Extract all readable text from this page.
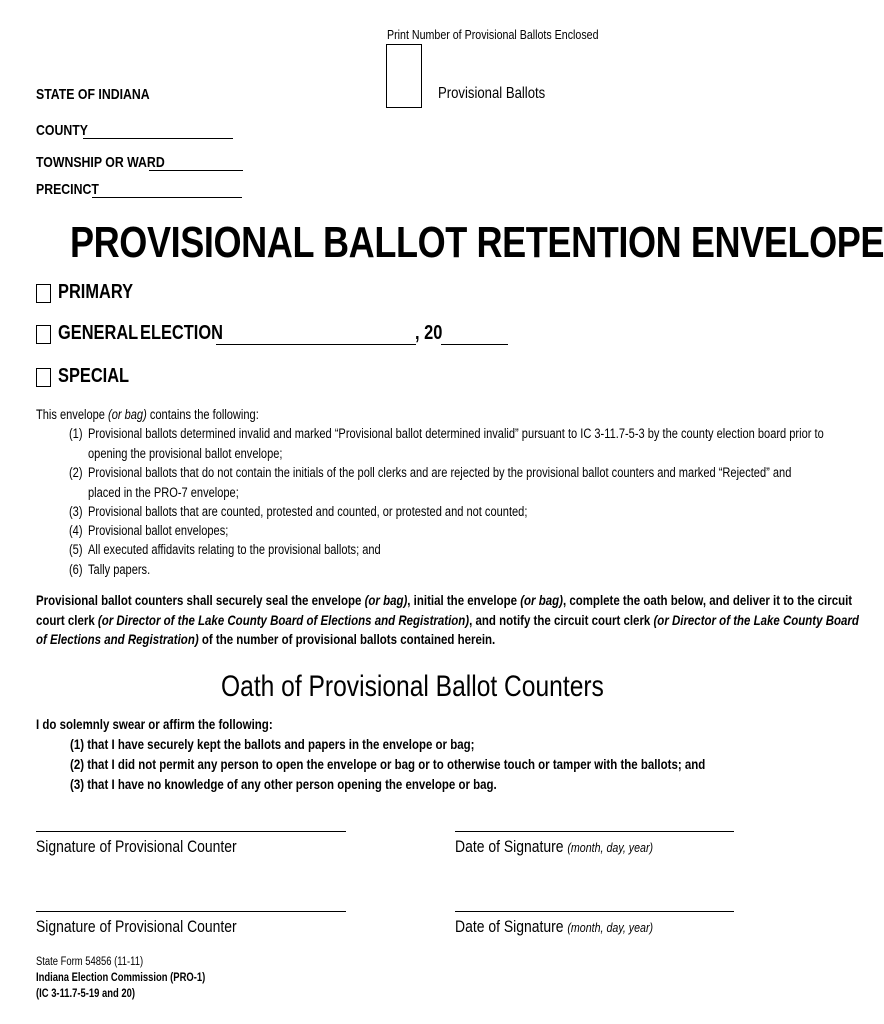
Print Number of Provisional Ballots Enclosed
Provisional Ballots
STATE OF INDIANA
COUNTY
TOWNSHIP OR WARD
PRECINCT
PROVISIONAL BALLOT RETENTION ENVELOPE
PRIMARY
GENERAL ELECTION	, 20
SPECIAL
This envelope (or bag) contains the following:
(1) Provisional ballots determined invalid and marked “Provisional ballot determined invalid” pursuant to IC 3-11.7-5-3 by the county election board prior to
opening the provisional ballot envelope;
(2) Provisional ballots that do not contain the initials of the poll clerks and are rejected by the provisional ballot counters and marked “Rejected” and
placed in the PRO-7 envelope;
(3) Provisional ballots that are counted, protested and counted, or protested and not counted;
(4) Provisional ballot envelopes;
(5) All executed affidavits relating to the provisional ballots; and
(6) Tally papers.
Provisional ballot counters shall securely seal the envelope (or bag), initial the envelope (or bag), complete the oath below, and deliver it to the circuit
court clerk (or Director of the Lake County Board of Elections and Registration), and notify the circuit court clerk (or Director of the Lake County Board
of Elections and Registration) of the number of provisional ballots contained herein.
Oath of Provisional Ballot Counters
I do solemnly swear or affirm the following:
(1) that I have securely kept the ballots and papers in the envelope or bag;
(2) that I did not permit any person to open the envelope or bag or to otherwise touch or tamper with the ballots; and
(3) that I have no knowledge of any other person opening the envelope or bag.
Signature of Provisional Counter	Date of Signature (month, day, year)
Signature of Provisional Counter	Date of Signature (month, day, year)
State Form 54856 (11-11)
Indiana Election Commission (PRO-1)
(IC 3-11.7-5-19 and 20)
